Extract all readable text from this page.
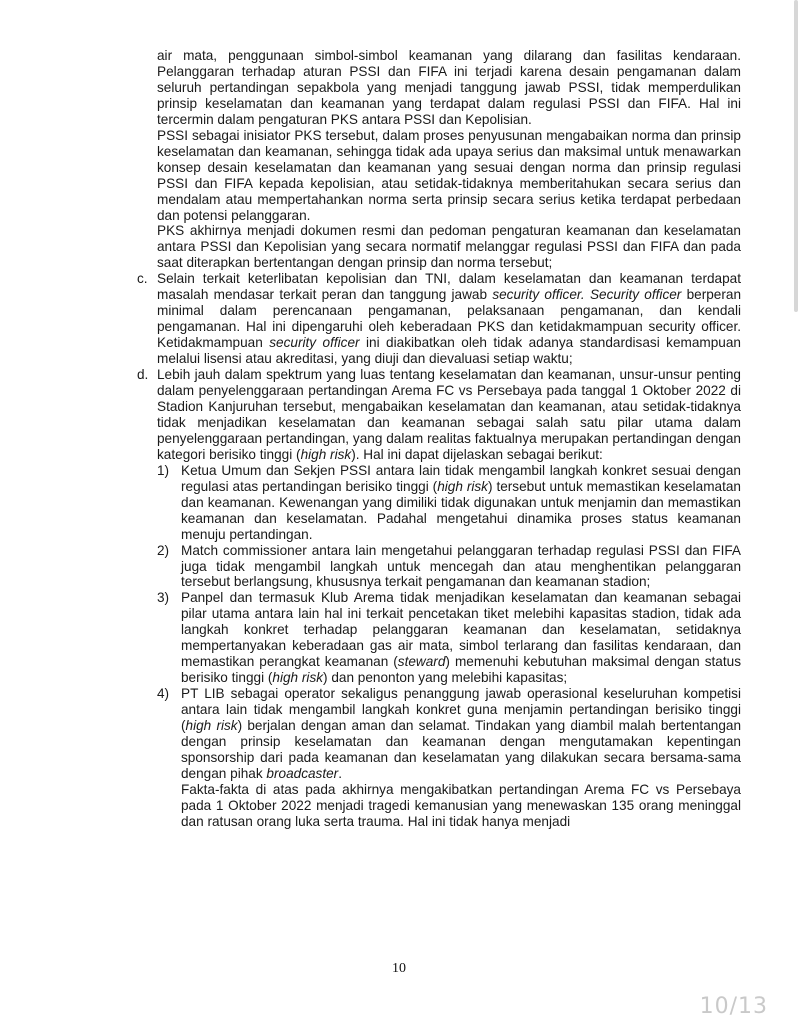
air mata, penggunaan simbol-simbol keamanan yang dilarang dan fasilitas kendaraan. Pelanggaran terhadap aturan PSSI dan FIFA ini terjadi karena desain pengamanan dalam seluruh pertandingan sepakbola yang menjadi tanggung jawab PSSI, tidak memperdulikan prinsip keselamatan dan keamanan yang terdapat dalam regulasi PSSI dan FIFA. Hal ini tercermin dalam pengaturan PKS antara PSSI dan Kepolisian.

PSSI sebagai inisiator PKS tersebut, dalam proses penyusunan mengabaikan norma dan prinsip keselamatan dan keamanan, sehingga tidak ada upaya serius dan maksimal untuk menawarkan konsep desain keselamatan dan keamanan yang sesuai dengan norma dan prinsip regulasi PSSI dan FIFA kepada kepolisian, atau setidak-tidaknya memberitahukan secara serius dan mendalam atau mempertahankan norma serta prinsip secara serius ketika terdapat perbedaan dan potensi pelanggaran.

PKS akhirnya menjadi dokumen resmi dan pedoman pengaturan keamanan dan keselamatan antara PSSI dan Kepolisian yang secara normatif melanggar regulasi PSSI dan FIFA dan pada saat diterapkan bertentangan dengan prinsip dan norma tersebut;

c. Selain terkait keterlibatan kepolisian dan TNI, dalam keselamatan dan keamanan terdapat masalah mendasar terkait peran dan tanggung jawab security officer. Security officer berperan minimal dalam perencanaan pengamanan, pelaksanaan pengamanan, dan kendali pengamanan. Hal ini dipengaruhi oleh keberadaan PKS dan ketidakmampuan security officer. Ketidakmampuan security officer ini diakibatkan oleh tidak adanya standardisasi kemampuan melalui lisensi atau akreditasi, yang diuji dan dievaluasi setiap waktu;

d. Lebih jauh dalam spektrum yang luas tentang keselamatan dan keamanan, unsur-unsur penting dalam penyelenggaraan pertandingan Arema FC vs Persebaya pada tanggal 1 Oktober 2022 di Stadion Kanjuruhan tersebut, mengabaikan keselamatan dan keamanan, atau setidak-tidaknya tidak menjadikan keselamatan dan keamanan sebagai salah satu pilar utama dalam penyelenggaraan pertandingan, yang dalam realitas faktualnya merupakan pertandingan dengan kategori berisiko tinggi (high risk). Hal ini dapat dijelaskan sebagai berikut:

1) Ketua Umum dan Sekjen PSSI antara lain tidak mengambil langkah konkret sesuai dengan regulasi atas pertandingan berisiko tinggi (high risk) tersebut untuk memastikan keselamatan dan keamanan. Kewenangan yang dimiliki tidak digunakan untuk menjamin dan memastikan keamanan dan keselamatan. Padahal mengetahui dinamika proses status keamanan menuju pertandingan.

2) Match commissioner antara lain mengetahui pelanggaran terhadap regulasi PSSI dan FIFA juga tidak mengambil langkah untuk mencegah dan atau menghentikan pelanggaran tersebut berlangsung, khususnya terkait pengamanan dan keamanan stadion;

3) Panpel dan termasuk Klub Arema tidak menjadikan keselamatan dan keamanan sebagai pilar utama antara lain hal ini terkait pencetakan tiket melebihi kapasitas stadion, tidak ada langkah konkret terhadap pelanggaran keamanan dan keselamatan, setidaknya mempertanyakan keberadaan gas air mata, simbol terlarang dan fasilitas kendaraan, dan memastikan perangkat keamanan (steward) memenuhi kebutuhan maksimal dengan status berisiko tinggi (high risk) dan penonton yang melebihi kapasitas;

4) PT LIB sebagai operator sekaligus penanggung jawab operasional keseluruhan kompetisi antara lain tidak mengambil langkah konkret guna menjamin pertandingan berisiko tinggi (high risk) berjalan dengan aman dan selamat. Tindakan yang diambil malah bertentangan dengan prinsip keselamatan dan keamanan dengan mengutamakan kepentingan sponsorship dari pada keamanan dan keselamatan yang dilakukan secara bersama-sama dengan pihak broadcaster.

Fakta-fakta di atas pada akhirnya mengakibatkan pertandingan Arema FC vs Persebaya pada 1 Oktober 2022 menjadi tragedi kemanusian yang menewaskan 135 orang meninggal dan ratusan orang luka serta trauma. Hal ini tidak hanya menjadi

10
10/13
